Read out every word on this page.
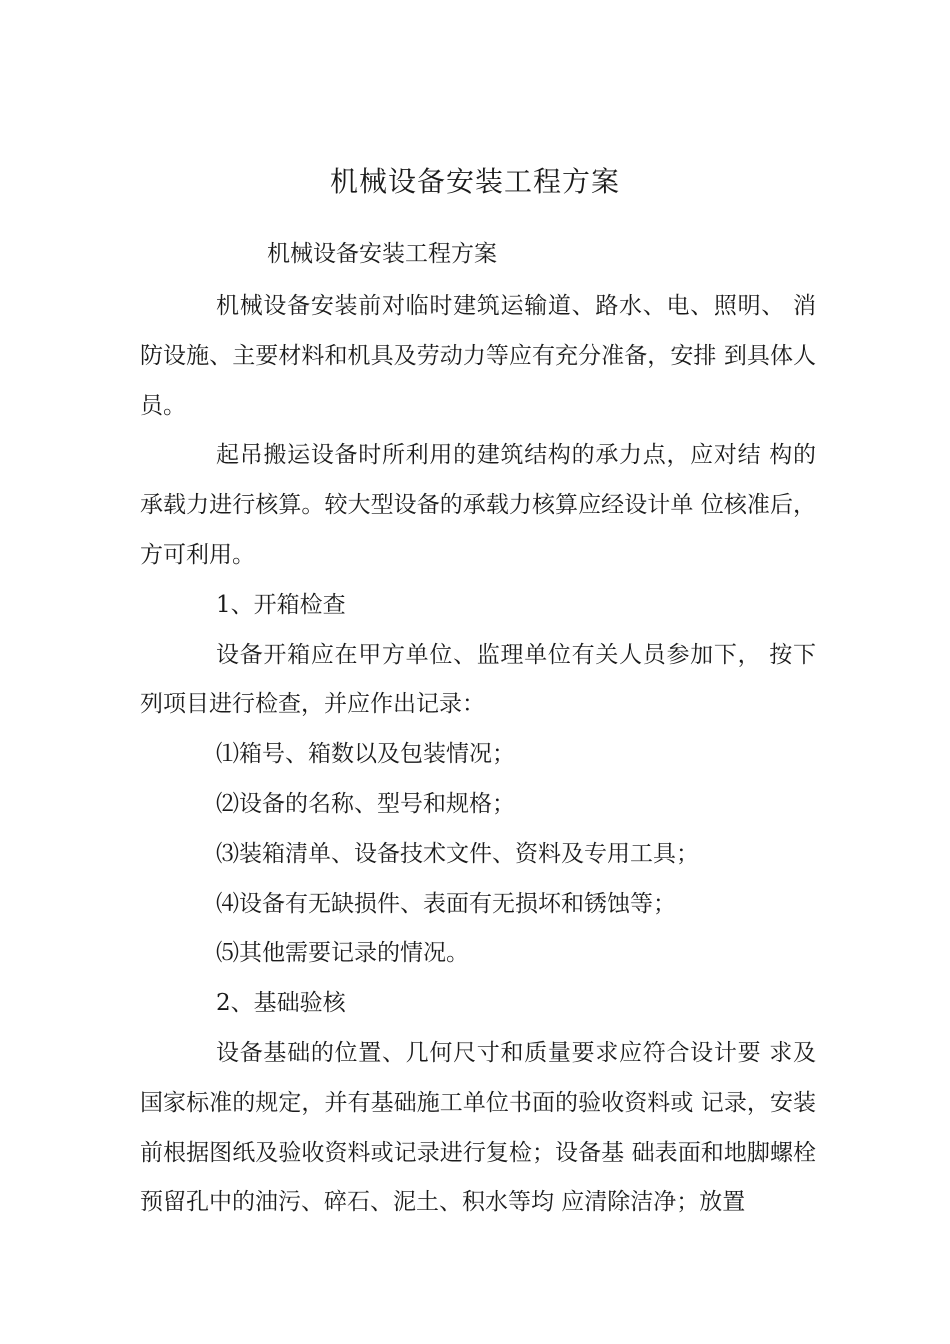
机械设备安装工程方案
机械设备安装工程方案

机械设备安装前对临时建筑运输道、路水、电、照明、 消防设施、主要材料和机具及劳动力等应有充分准备，安排 到具体人员。

起吊搬运设备时所利用的建筑结构的承力点，应对结 构的承载力进行核算。较大型设备的承载力核算应经设计单 位核准后，方可利用。

1、开箱检查

设备开箱应在甲方单位、监理单位有关人员参加下， 按下列项目进行检查，并应作出记录：

⑴箱号、箱数以及包装情况；

⑵设备的名称、型号和规格；

⑶装箱清单、设备技术文件、资料及专用工具；

⑷设备有无缺损件、表面有无损坏和锈蚀等；

⑸其他需要记录的情况。

2、基础验核

设备基础的位置、几何尺寸和质量要求应符合设计要 求及国家标准的规定，并有基础施工单位书面的验收资料或 记录，安装前根据图纸及验收资料或记录进行复检；设备基 础表面和地脚螺栓预留孔中的油污、碎石、泥土、积水等均 应清除洁净；放置
